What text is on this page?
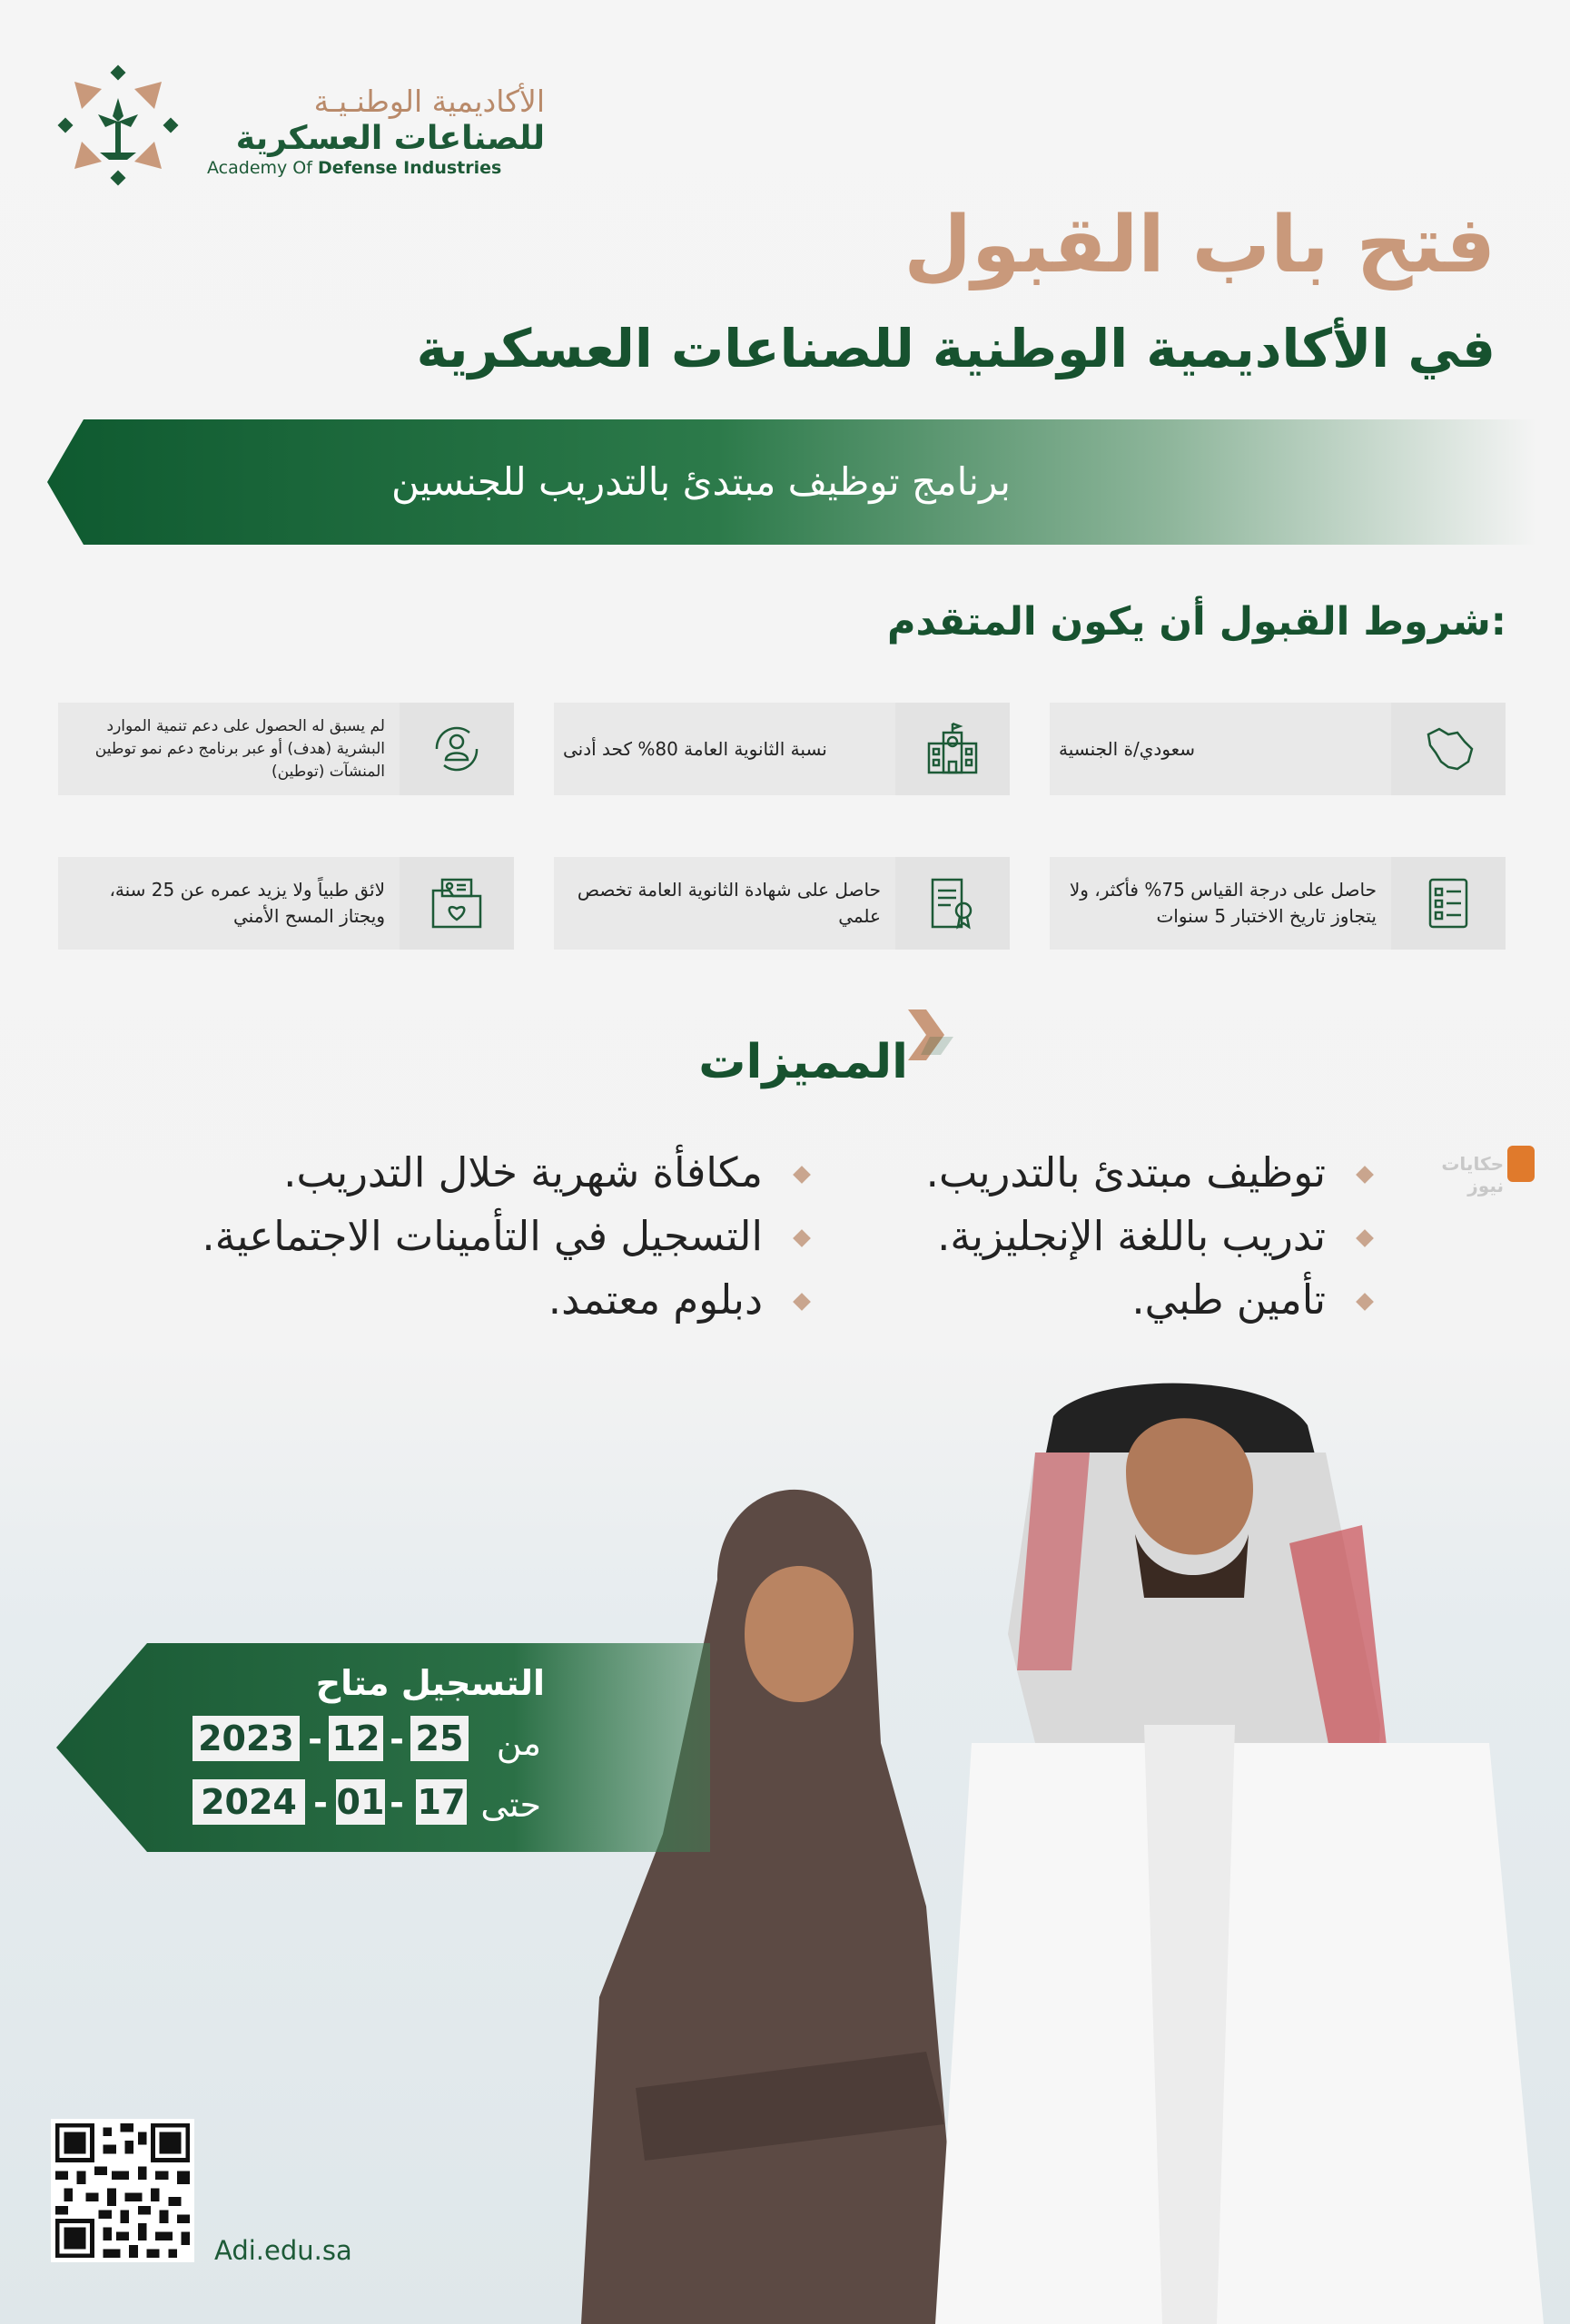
الأكاديمية الوطنـيـة
للصناعات العسكرية
Academy Of Defense Industries
فتح باب القبول
في الأكاديمية الوطنية للصناعات العسكرية
برنامج توظيف مبتدئ بالتدريب للجنسين
شروط القبول أن يكون المتقدم:
سعودي/ة الجنسية
نسبة الثانوية العامة 80% كحد أدنى
لم يسبق له الحصول على دعم تنمية الموارد البشرية (هدف) أو عبر برنامج دعم نمو توطين المنشآت (توطين)
حاصل على درجة القياس 75% فأكثر، ولا يتجاوز تاريخ الاختبار 5 سنوات
حاصل على شهادة الثانوية العامة تخصص علمي
لائق طبياً ولا يزيد عمره عن 25 سنة، ويجتاز المسح الأمني
المميزات
توظيف مبتدئ بالتدريب.
تدريب باللغة الإنجليزية.
تأمين طبي.
مكافأة شهرية خلال التدريب.
التسجيل في التأمينات الاجتماعية.
دبلوم معتمد.
حكايات نيوز
التسجيل متاح
من
25
-
12
-
2023
حتى
17
-
01
-
2024
Adi.edu.sa
